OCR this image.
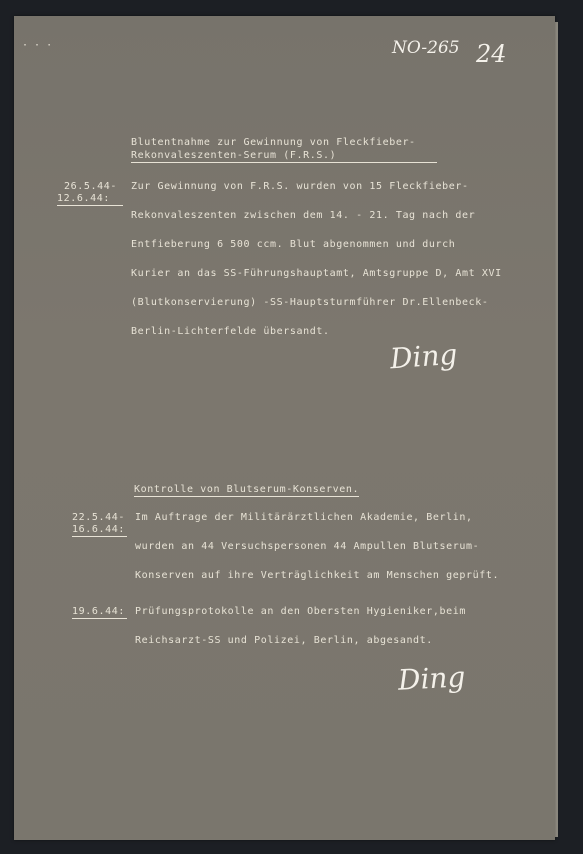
· · ·	NO-265 24
Blutentnahme zur Gewinnung von Fleckfieber-
Rekonvaleszenten-Serum (F.R.S.)
26.5.44-
12.6.44:
Zur Gewinnung von F.R.S. wurden von 15 Fleckfieber-
Rekonvaleszenten zwischen dem 14. - 21. Tag nach der
Entfieberung 6 500 ccm. Blut abgenommen und durch
Kurier an das SS-Führungshauptamt, Amtsgruppe D, Amt XVI
(Blutkonservierung) -SS-Hauptsturmführer Dr.Ellenbeck-
Berlin-Lichterfelde übersandt.
Ding
Kontrolle von Blutserum-Konserven.
22.5.44-
16.6.44:
Im Auftrage der Militärärztlichen Akademie, Berlin,
wurden an 44 Versuchspersonen 44 Ampullen Blutserum-
Konserven auf ihre Verträglichkeit am Menschen geprüft.
19.6.44: Prüfungsprotokolle an den Obersten Hygieniker,beim
Reichsarzt-SS und Polizei, Berlin, abgesandt.
Ding
